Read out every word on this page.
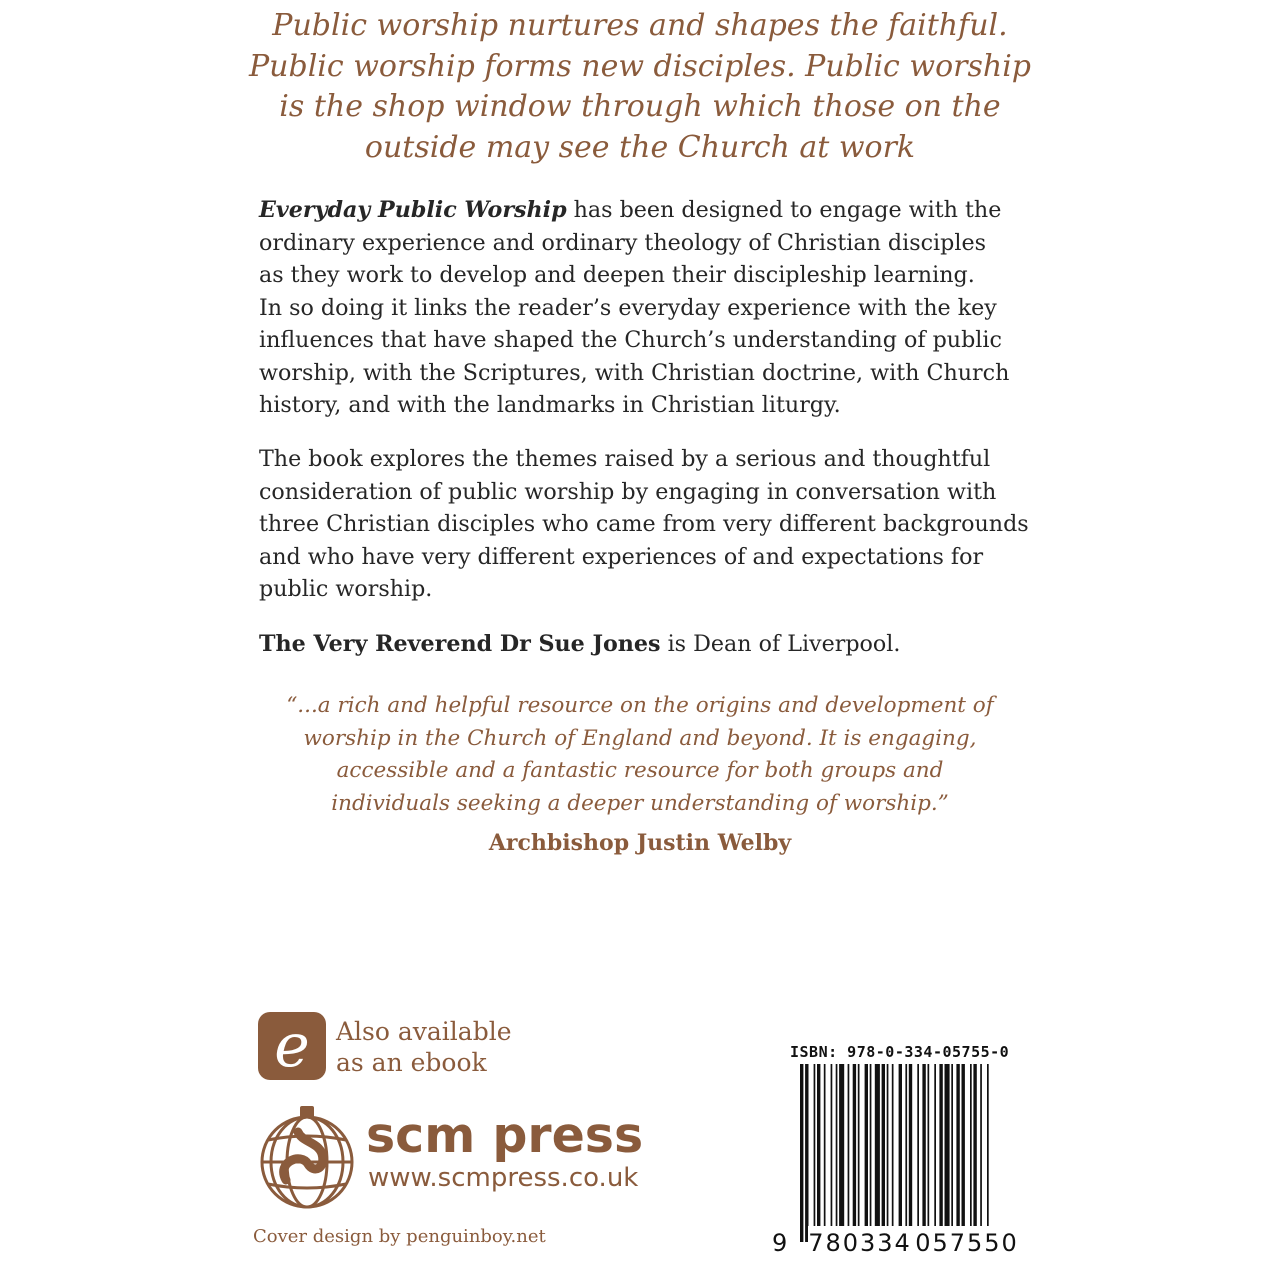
Public worship nurtures and shapes the faithful.
Public worship forms new disciples. Public worship
is the shop window through which those on the
outside may see the Church at work
Everyday Public Worship has been designed to engage with the
ordinary experience and ordinary theology of Christian disciples
as they work to develop and deepen their discipleship learning.
In so doing it links the reader’s everyday experience with the key
influences that have shaped the Church’s understanding of public
worship, with the Scriptures, with Christian doctrine, with Church
history, and with the landmarks in Christian liturgy.
The book explores the themes raised by a serious and thoughtful
consideration of public worship by engaging in conversation with
three Christian disciples who came from very different backgrounds
and who have very different experiences of and expectations for
public worship.
The Very Reverend Dr Sue Jones is Dean of Liverpool.
“...a rich and helpful resource on the origins and development of
worship in the Church of England and beyond. It is engaging,
accessible and a fantastic resource for both groups and
individuals seeking a deeper understanding of worship.”
Archbishop Justin Welby
e Also available
as an ebook
scm press
www.scmpress.co.uk
Cover design by penguinboy.net
ISBN: 978-0-334-05755-0
9 780334 057550
